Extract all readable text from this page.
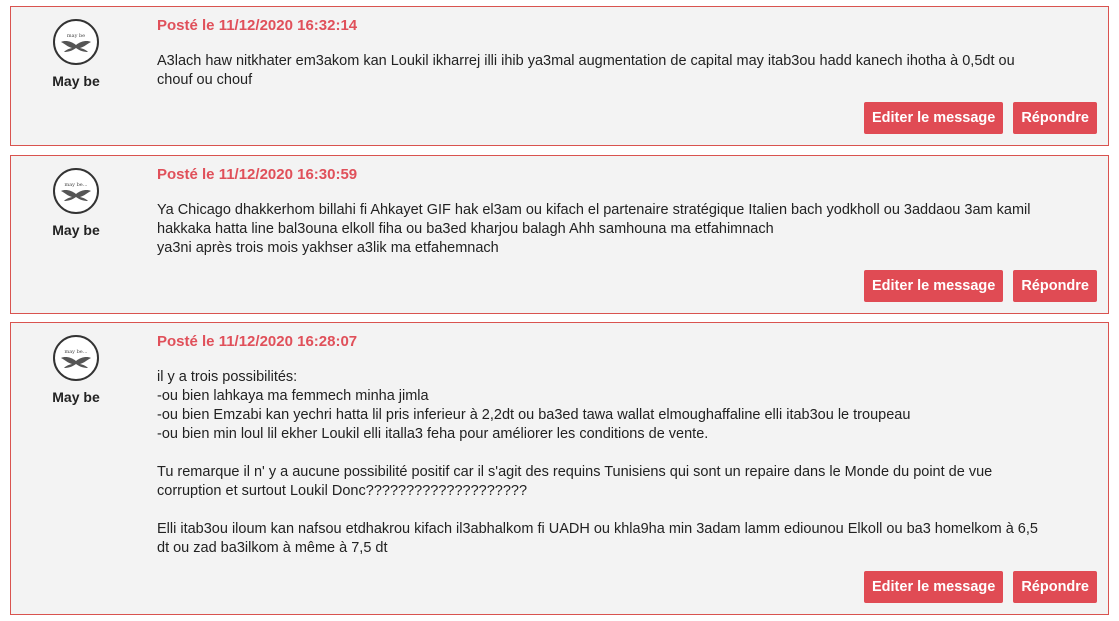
may be
May be

Posté le 11/12/2020 16:32:14

A3lach haw nitkhater em3akom kan Loukil ikharrej illi ihib ya3mal augmentation de capital may itab3ou hadd kanech ihotha à 0,5dt ou

chouf ou chouf

Editer le message	Répondre
may be...
May be

Posté le 11/12/2020 16:30:59

Ya Chicago dhakkerhom billahi fi Ahkayet GIF hak el3am ou kifach el partenaire stratégique Italien bach yodkholl ou 3addaou 3am kamil

hakkaka hatta line bal3ouna elkoll fiha ou ba3ed kharjou balagh Ahh samhouna ma etfahimnach

ya3ni après trois mois yakhser a3lik ma etfahemnach

Editer le message	Répondre
may be...
May be

Posté le 11/12/2020 16:28:07

il y a trois possibilités:

-ou bien lahkaya ma femmech minha jimla

-ou bien Emzabi kan yechri hatta lil pris inferieur à 2,2dt ou ba3ed tawa wallat elmoughaffaline elli itab3ou le troupeau

-ou bien min loul lil ekher Loukil elli italla3 feha pour améliorer les conditions de vente.

Tu remarque il n' y a aucune possibilité positif car il s'agit des requins Tunisiens qui sont un repaire dans le Monde du point de vue

corruption et surtout Loukil Donc????????????????????

Elli itab3ou iloum kan nafsou etdhakrou kifach il3abhalkom fi UADH ou khla9ha min 3adam lamm ediounou Elkoll ou ba3 homelkom à 6,5

dt ou zad ba3ilkom à même à 7,5 dt

Editer le message	Répondre
